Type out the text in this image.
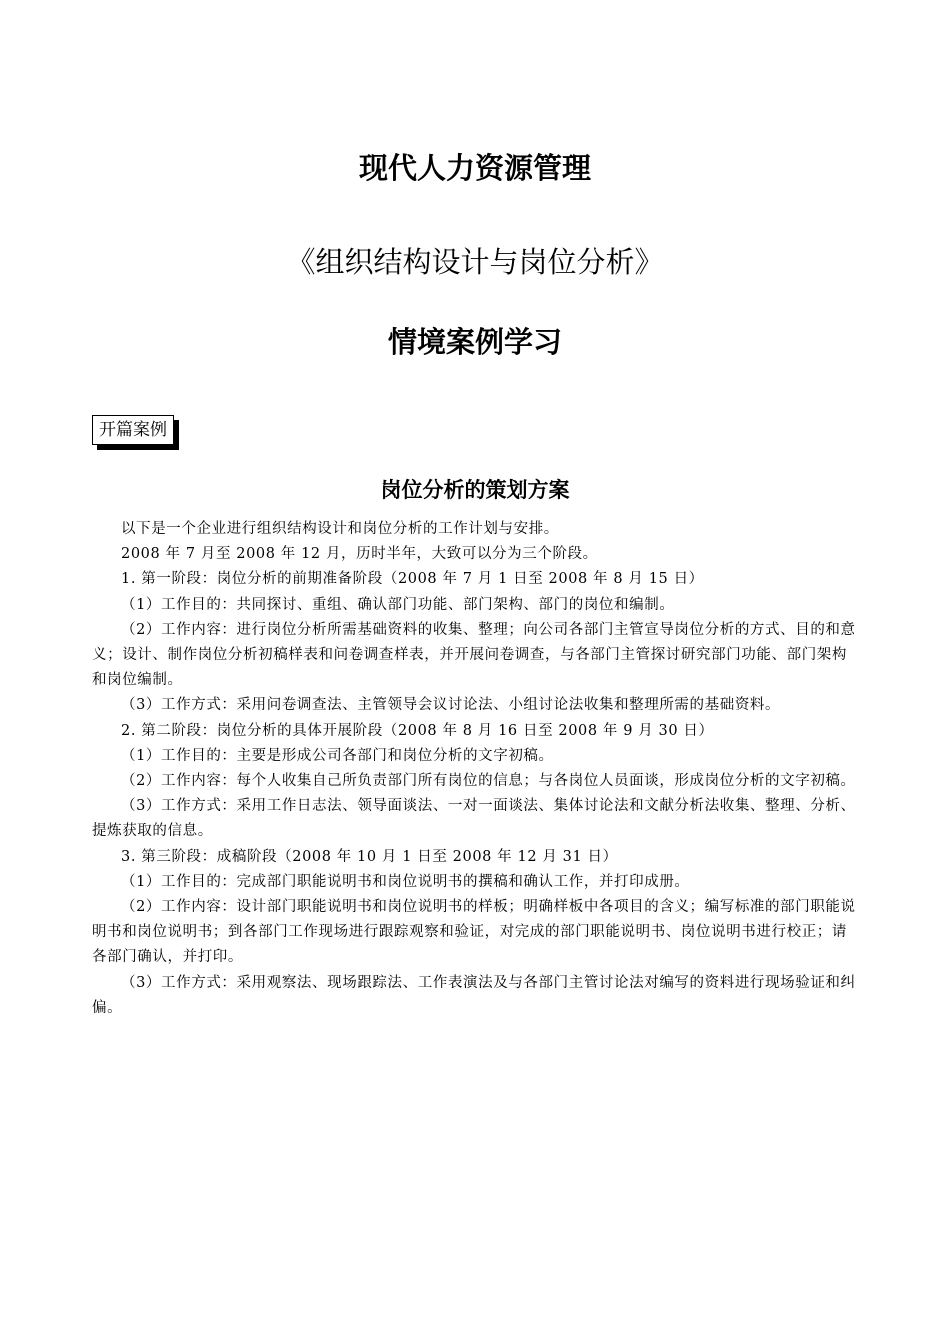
现代人力资源管理
《组织结构设计与岗位分析》
情境案例学习
开篇案例
岗位分析的策划方案

以下是一个企业进行组织结构设计和岗位分析的工作计划与安排。

2008 年 7 月至 2008 年 12 月，历时半年，大致可以分为三个阶段。

1. 第一阶段：岗位分析的前期准备阶段（2008 年 7 月 1 日至 2008 年 8 月 15 日）

（1）工作目的：共同探讨、重组、确认部门功能、部门架构、部门的岗位和编制。

（2）工作内容：进行岗位分析所需基础资料的收集、整理；向公司各部门主管宣导岗位分析的方式、目的和意义；设计、制作岗位分析初稿样表和问卷调查样表，并开展问卷调查，与各部门主管探讨研究部门功能、部门架构和岗位编制。

（3）工作方式：采用问卷调查法、主管领导会议讨论法、小组讨论法收集和整理所需的基础资料。

2. 第二阶段：岗位分析的具体开展阶段（2008 年 8 月 16 日至 2008 年 9 月 30 日）

（1）工作目的：主要是形成公司各部门和岗位分析的文字初稿。

（2）工作内容：每个人收集自己所负责部门所有岗位的信息；与各岗位人员面谈，形成岗位分析的文字初稿。

（3）工作方式：采用工作日志法、领导面谈法、一对一面谈法、集体讨论法和文献分析法收集、整理、分析、提炼获取的信息。

3. 第三阶段：成稿阶段（2008 年 10 月 1 日至 2008 年 12 月 31 日）

（1）工作目的：完成部门职能说明书和岗位说明书的撰稿和确认工作，并打印成册。

（2）工作内容：设计部门职能说明书和岗位说明书的样板；明确样板中各项目的含义；编写标准的部门职能说明书和岗位说明书；到各部门工作现场进行跟踪观察和验证，对完成的部门职能说明书、岗位说明书进行校正；请各部门确认，并打印。

（3）工作方式：采用观察法、现场跟踪法、工作表演法及与各部门主管讨论法对编写的资料进行现场验证和纠偏。
